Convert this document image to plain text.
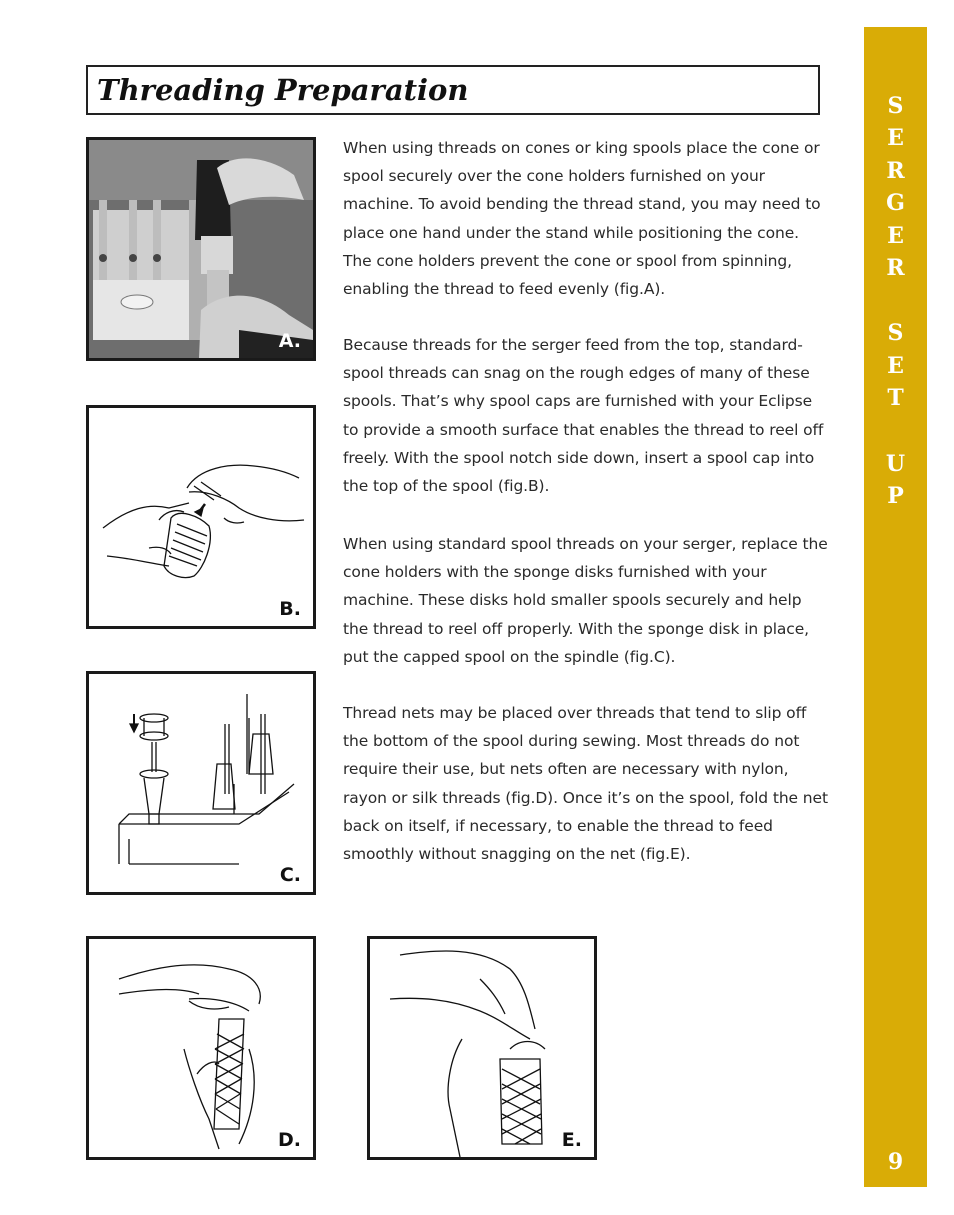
Threading Preparation	S
E
R
G
E
R
S
E
T
U
P
9
A.
B.
C.
D.	E.

When using threads on cones or king spools place the cone or spool securely over the cone holders furnished on your machine. To avoid bending the thread stand, you may need to place one hand under the stand while positioning the cone. The cone holders prevent the cone or spool from spinning, enabling the thread to feed evenly (fig.A).

Because threads for the serger feed from the top, standard-spool threads can snag on the rough edges of many of these spools. That’s why spool caps are furnished with your Eclipse to provide a smooth surface that enables the thread to reel off freely. With the spool notch side down, insert a spool cap into the top of the spool (fig.B).

When using standard spool threads on your serger, replace the cone holders with the sponge disks furnished with your machine. These disks hold smaller spools securely and help the thread to reel off properly. With the sponge disk in place, put the capped spool on the spindle (fig.C).

Thread nets may be placed over threads that tend to slip off the bottom of the spool during sewing. Most threads do not require their use, but nets often are necessary with nylon, rayon or silk threads (fig.D). Once it’s on the spool, fold the net back on itself, if necessary, to enable the thread to feed smoothly without snagging on the net (fig.E).
